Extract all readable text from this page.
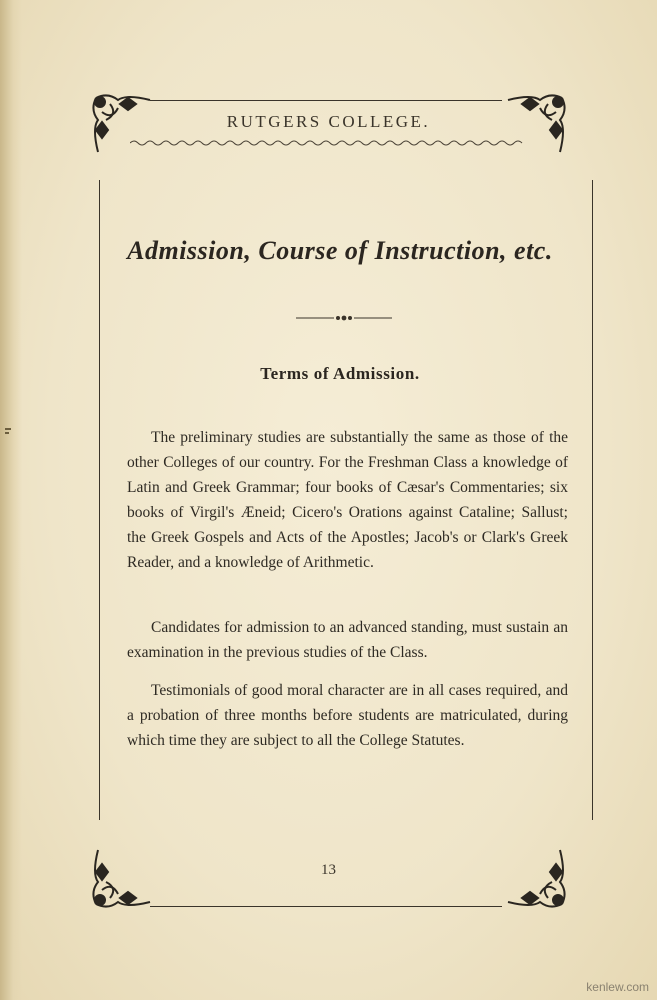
RUTGERS COLLEGE.
Admission, Course of Instruction, etc.
Terms of Admission.
The preliminary studies are substantially the same as those of the other Colleges of our country. For the Freshman Class a knowledge of Latin and Greek Grammar; four books of Cæsar's Commentaries; six books of Virgil's Æneid; Cicero's Orations against Cataline; Sallust; the Greek Gospels and Acts of the Apostles; Jacob's or Clark's Greek Reader, and a knowledge of Arithmetic.
Candidates for admission to an advanced standing, must sustain an examination in the previous studies of the Class.
Testimonials of good moral character are in all cases required, and a probation of three months before students are matriculated, during which time they are subject to all the College Statutes.
13
kenlew.com
